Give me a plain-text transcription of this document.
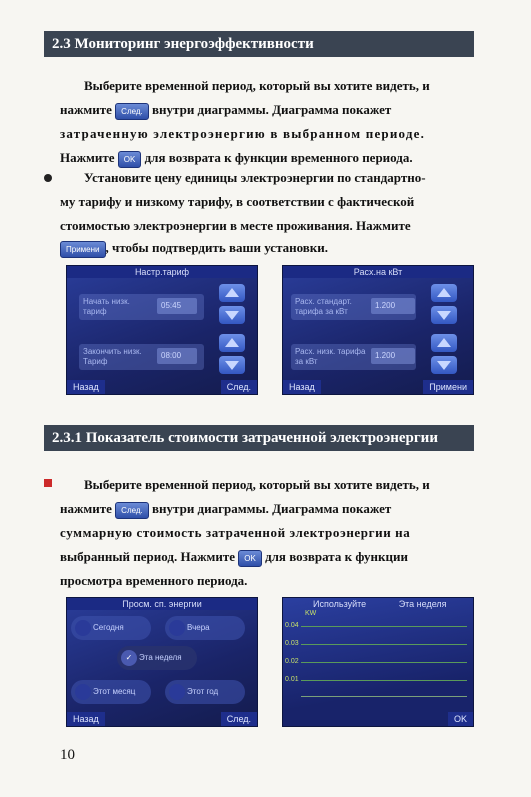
2.3 Мониторинг энергоэффективности
Выберите временной период, который вы хотите видеть, и
нажмите След. внутри диаграммы. Диаграмма покажет
затраченную электроэнергию в выбранном периоде.
Нажмите OK для возврата к функции временного периода.
Установите цену единицы электроэнергии по стандартно-
му тарифу и низкому тарифу, в соответствии с фактической
стоимостью электроэнергии в месте проживания. Нажмите
Примени , чтобы подтвердить ваши установки.
Настр.тариф
Начать низк. тариф
05:45
Закончить низк. Тариф
08:00
Назад	След.
Расх.на кВт
Расх. стандарт. тарифа за кВт
1.200
Расх. низк. тарифа за кВт
1.200
Назад	Примени
2.3.1 Показатель стоимости затраченной электроэнергии
Выберите временной период, который вы хотите видеть, и
нажмите След. внутри диаграммы. Диаграмма покажет
суммарную стоимость затраченной электроэнергии на
выбранный период. Нажмите OK для возврата к функции
просмотра временного периода.
Просм. сп. энергии
Сегодня	Вчера
✓ Эта неделя
Этот месяц	Этот год
Назад	След.
Используйте	Эта неделя
KW
0.04
0.03
0.02
0.01
OK
10
